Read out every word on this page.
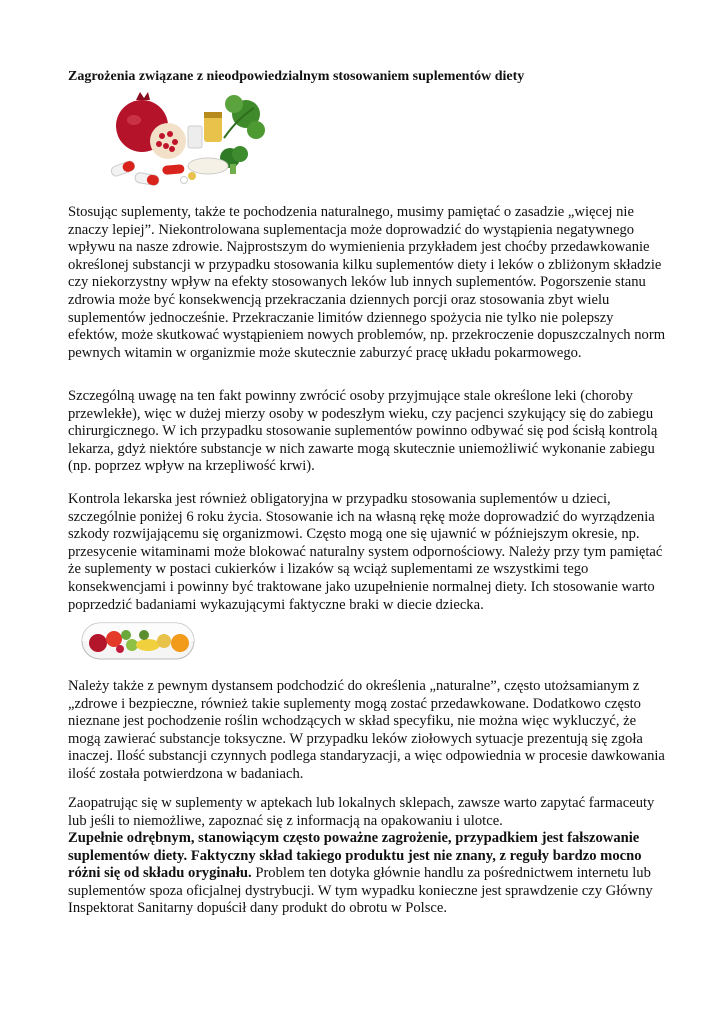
Zagrożenia związane z nieodpowiedzialnym stosowaniem suplementów diety

Stosując suplementy, także te pochodzenia naturalnego, musimy pamiętać o zasadzie „więcej nie znaczy lepiej”. Niekontrolowana suplementacja może doprowadzić do wystąpienia negatywnego wpływu na nasze zdrowie. Najprostszym do wymienienia przykładem jest choćby przedawkowanie określonej substancji w przypadku stosowania kilku suplementów diety i leków o zbliżonym składzie czy niekorzystny wpływ na efekty stosowanych leków lub innych suplementów. Pogorszenie stanu zdrowia może być konsekwencją przekraczania dziennych porcji oraz stosowania zbyt wielu suplementów jednocześnie. Przekraczanie limitów dziennego spożycia nie tylko nie polepszy efektów, może skutkować wystąpieniem nowych problemów, np. przekroczenie dopuszczalnych norm pewnych witamin w organizmie może skutecznie zaburzyć pracę układu pokarmowego.

Szczególną uwagę na ten fakt powinny zwrócić osoby przyjmujące stale określone leki (choroby przewlekłe), więc w dużej mierzy osoby w podeszłym wieku, czy pacjenci szykujący się do zabiegu chirurgicznego. W ich przypadku stosowanie suplementów powinno odbywać się pod ścisłą kontrolą lekarza, gdyż niektóre substancje w nich zawarte mogą skutecznie uniemożliwić wykonanie zabiegu (np. poprzez wpływ na krzepliwość krwi).

Kontrola lekarska jest również obligatoryjna w przypadku stosowania suplementów u dzieci, szczególnie poniżej 6 roku życia. Stosowanie ich na własną rękę może doprowadzić do wyrządzenia szkody rozwijającemu się organizmowi. Często mogą one się ujawnić w późniejszym okresie, np. przesycenie witaminami może blokować naturalny system odpornościowy. Należy przy tym pamiętać że suplementy w postaci cukierków i lizaków są wciąż suplementami ze wszystkimi tego konsekwencjami i powinny być traktowane jako uzupełnienie normalnej diety. Ich stosowanie warto poprzedzić badaniami wykazującymi faktyczne braki w diecie dziecka.

Należy także z pewnym dystansem podchodzić do określenia „naturalne”, często utożsamianym z „zdrowe i bezpieczne, również takie suplementy mogą zostać przedawkowane. Dodatkowo często nieznane jest pochodzenie roślin wchodzących w skład specyfiku, nie można więc wykluczyć, że mogą zawierać substancje toksyczne. W przypadku leków ziołowych sytuacje prezentują się zgoła inaczej. Ilość substancji czynnych podlega standaryzacji, a więc odpowiednia w procesie dawkowania ilość została potwierdzona w badaniach.

Zaopatrując się w suplementy w aptekach lub lokalnych sklepach, zawsze warto zapytać farmaceuty lub jeśli to niemożliwe, zapoznać się z informacją na opakowaniu i ulotce.

Zupełnie odrębnym, stanowiącym często poważne zagrożenie, przypadkiem jest fałszowanie suplementów diety. Faktyczny skład takiego produktu jest nie znany, z reguły bardzo mocno różni się od składu oryginału. Problem ten dotyka głównie handlu za pośrednictwem internetu lub suplementów spoza oficjalnej dystrybucji. W tym wypadku konieczne jest sprawdzenie czy Główny Inspektorat Sanitarny dopuścił dany produkt do obrotu w Polsce.
